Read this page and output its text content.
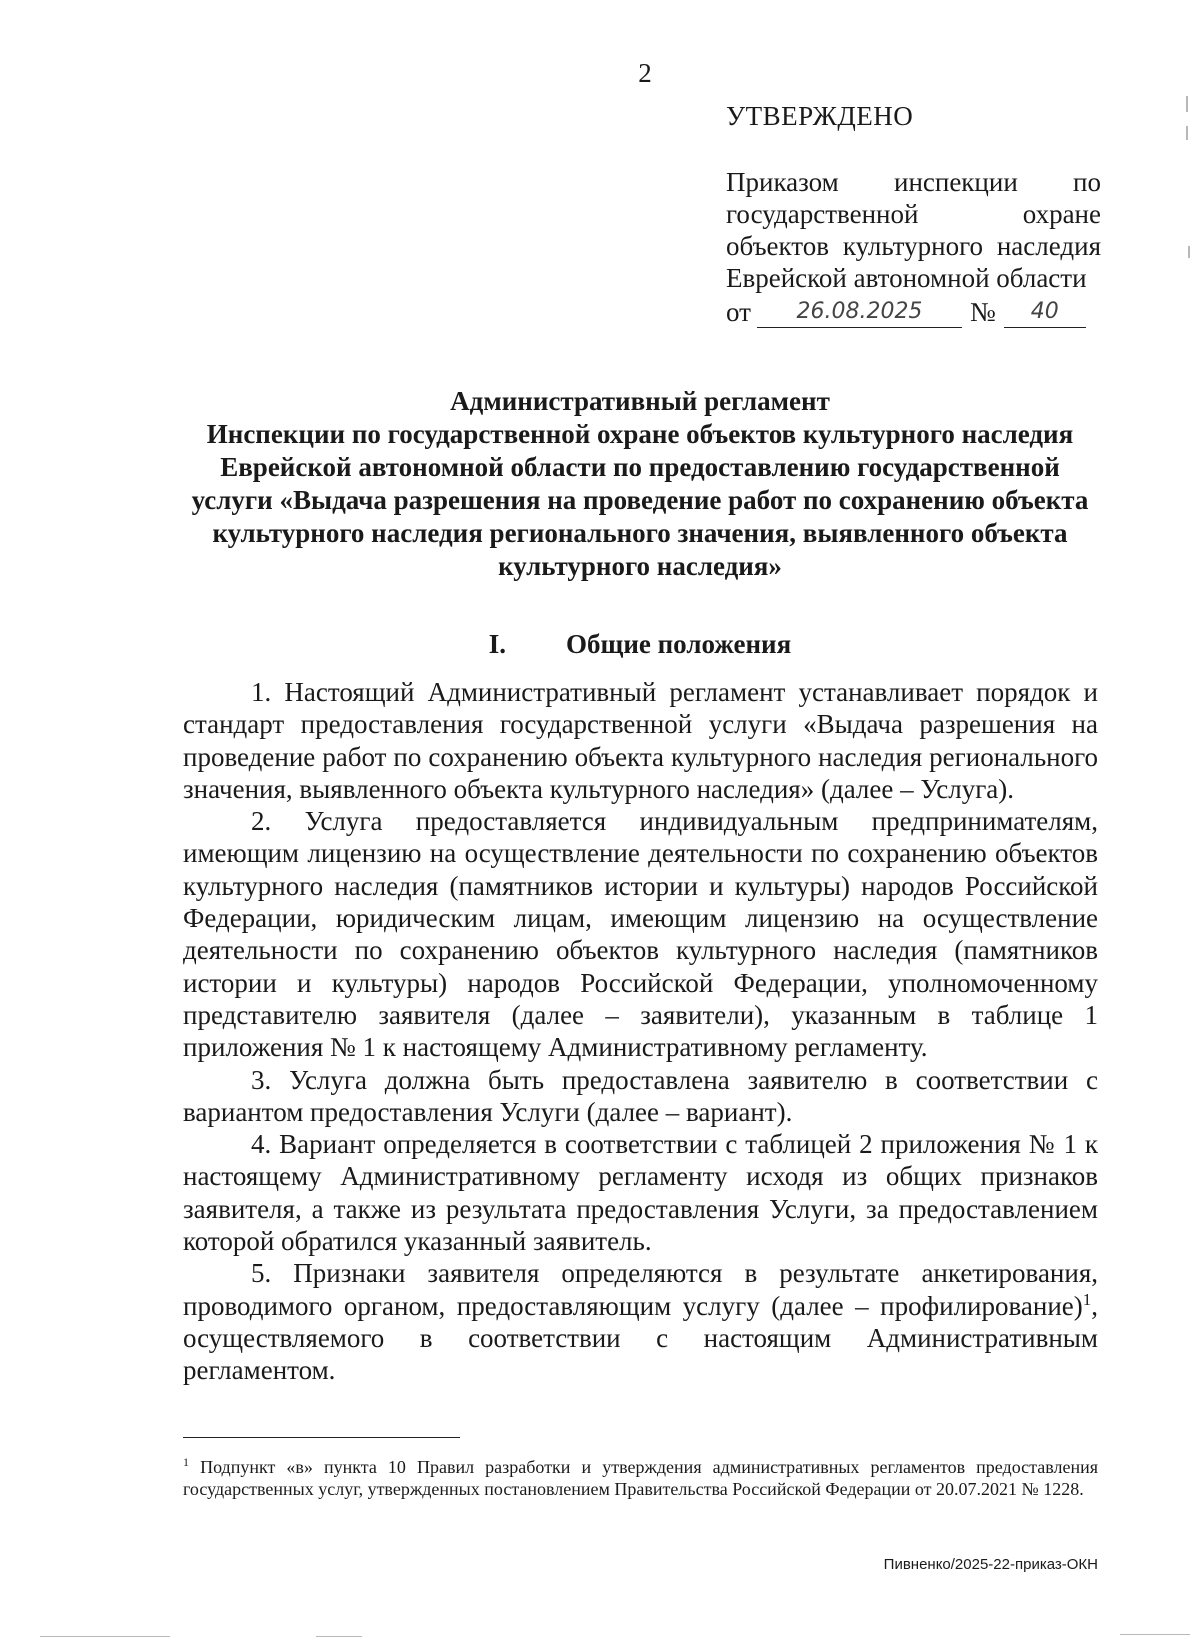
2
УТВЕРЖДЕНО
Приказом инспекции по
государственной охране
объектов культурного наследия
Еврейской автономной области
от	26.08.2025	№	40
Административный регламент
Инспекции по государственной охране объектов культурного наследия
Еврейской автономной области по предоставлению государственной
услуги «Выдача разрешения на проведение работ по сохранению объекта
культурного наследия регионального значения, выявленного объекта
культурного наследия»
I. Общие положения

1. Настоящий Административный регламент устанавливает порядок и стандарт предоставления государственной услуги «Выдача разрешения на проведение работ по сохранению объекта культурного наследия регионального значения, выявленного объекта культурного наследия» (далее – Услуга).

2. Услуга предоставляется индивидуальным предпринимателям, имеющим лицензию на осуществление деятельности по сохранению объектов культурного наследия (памятников истории и культуры) народов Российской Федерации, юридическим лицам, имеющим лицензию на осуществление деятельности по сохранению объектов культурного наследия (памятников истории и культуры) народов Российской Федерации, уполномоченному представителю заявителя (далее – заявители), указанным в таблице 1 приложения № 1 к настоящему Административному регламенту.

3. Услуга должна быть предоставлена заявителю в соответствии с вариантом предоставления Услуги (далее – вариант).

4. Вариант определяется в соответствии с таблицей 2 приложения № 1 к настоящему Административному регламенту исходя из общих признаков заявителя, а также из результата предоставления Услуги, за предоставлением которой обратился указанный заявитель.

5. Признаки заявителя определяются в результате анкетирования, проводимого органом, предоставляющим услугу (далее – профилирование)$^1$, осуществляемого в соответствии с настоящим Административным регламентом.

$^1$ Подпункт «в» пункта 10 Правил разработки и утверждения административных регламентов предоставления государственных услуг, утвержденных постановлением Правительства Российской Федерации от 20.07.2021 № 1228.
Пивненко/2025-22-приказ-ОКН
